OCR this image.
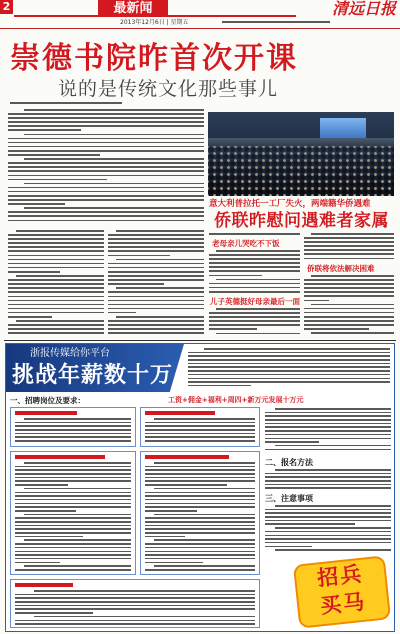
2	最新闻	清远日报
2013年12月6日 | 星期五
崇德书院昨首次开课
说的是传统文化那些事儿
意大利普拉托一工厂失火，两端籍华侨遇难
侨联昨慰问遇难者家属
老母亲儿哭吃不下饭
儿子英德挺好母亲最后一面
侨联将依法解决困难
浙报传媒给你平台
挑战年薪数十万
一、招聘岗位及要求：	工资+佣金+福利+周四+新万元发展十万元
二、报名方法
三、注意事项
招兵
买马
